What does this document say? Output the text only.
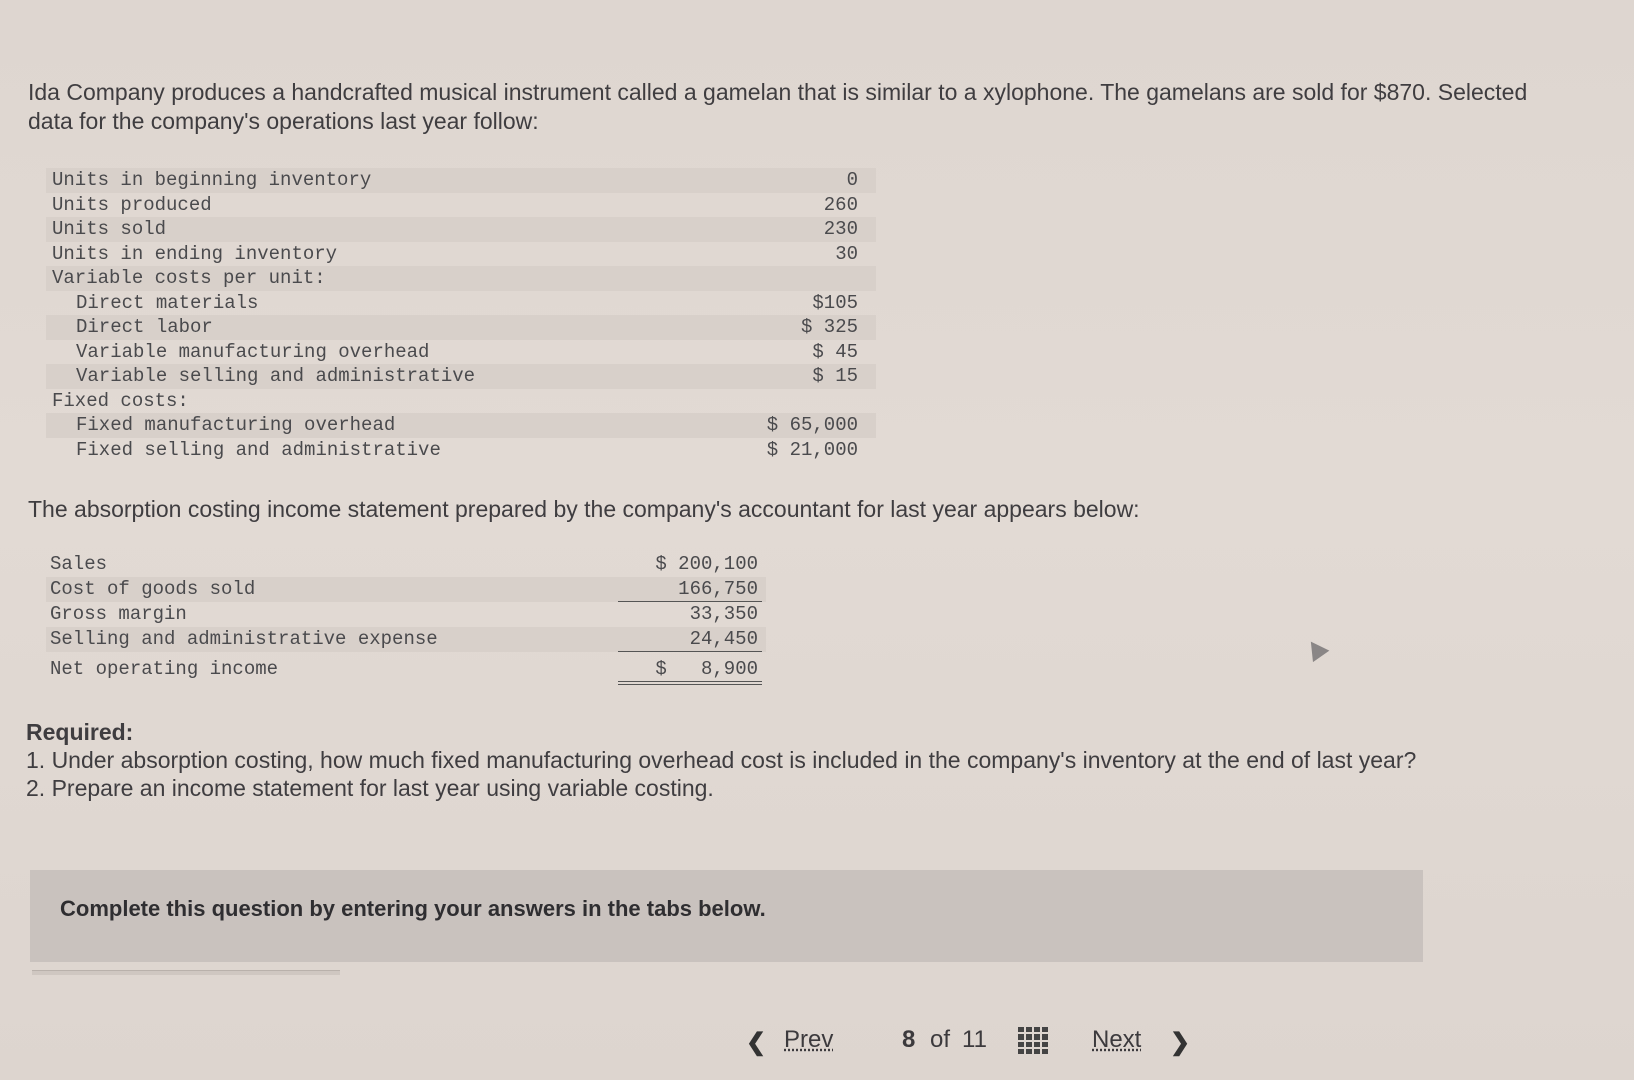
Ida Company produces a handcrafted musical instrument called a gamelan that is similar to a xylophone. The gamelans are sold for $870. Selected data for the company's operations last year follow:
Units in beginning inventory	0
Units produced	260
Units sold	230
Units in ending inventory	30
Variable costs per unit:
Direct materials	$105
Direct labor	$ 325
Variable manufacturing overhead	$ 45
Variable selling and administrative	$ 15
Fixed costs:
Fixed manufacturing overhead	$ 65,000
Fixed selling and administrative	$ 21,000
The absorption costing income statement prepared by the company's accountant for last year appears below:
Sales	$ 200,100
Cost of goods sold	166,750
Gross margin	33,350
Selling and administrative expense	24,450
Net operating income	$   8,900
Required:
1. Under absorption costing, how much fixed manufacturing overhead cost is included in the company's inventory at the end of last year?
2. Prepare an income statement for last year using variable costing.
Complete this question by entering your answers in the tabs below.
❮ Prev	8 of 11	Next ❯
